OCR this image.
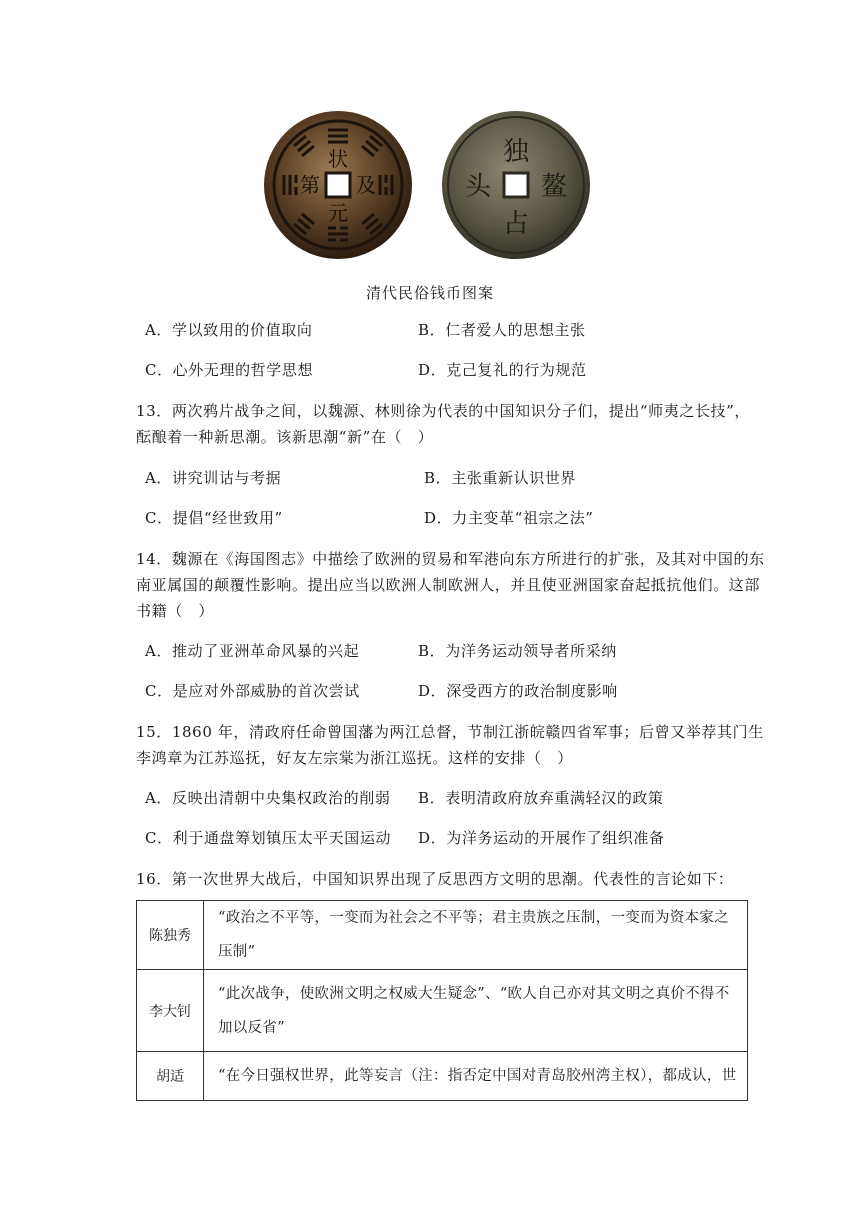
状
元
第 及
独
占
头 鳌
清代民俗钱币图案
A．学以致用的价值取向	B．仁者爱人的思想主张
C．心外无理的哲学思想	D．克己复礼的行为规范
13．两次鸦片战争之间，以魏源、林则徐为代表的中国知识分子们，提出“师夷之长技”，
酝酿着一种新思潮。该新思潮“新”在（　）
A．讲究训诂与考据	B．主张重新认识世界
C．提倡“经世致用”	D．力主变革“祖宗之法”
14．魏源在《海国图志》中描绘了欧洲的贸易和军港向东方所进行的扩张，及其对中国的东
南亚属国的颠覆性影响。提出应当以欧洲人制欧洲人，并且使亚洲国家奋起抵抗他们。这部
书籍（　）
A．推动了亚洲革命风暴的兴起	B．为洋务运动领导者所采纳
C．是应对外部威胁的首次尝试	D．深受西方的政治制度影响
15．1860 年，清政府任命曾国藩为两江总督，节制江浙皖赣四省军事；后曾又举荐其门生
李鸿章为江苏巡抚，好友左宗棠为浙江巡抚。这样的安排（　）
A．反映出清朝中央集权政治的削弱 B．表明清政府放弃重满轻汉的政策
C．利于通盘筹划镇压太平天国运动 D．为洋务运动的开展作了组织准备
16．第一次世界大战后，中国知识界出现了反思西方文明的思潮。代表性的言论如下：
陈独秀	“政治之不平等，一变而为社会之不平等；君主贵族之压制，一变而为资本家之压制”
李大钊	“此次战争，使欧洲文明之权威大生疑念”、“欧人自己亦对其文明之真价不得不加以反省”
胡适	“在今日强权世界，此等妄言（注：指否定中国对青岛胶州湾主权），都成认，世
